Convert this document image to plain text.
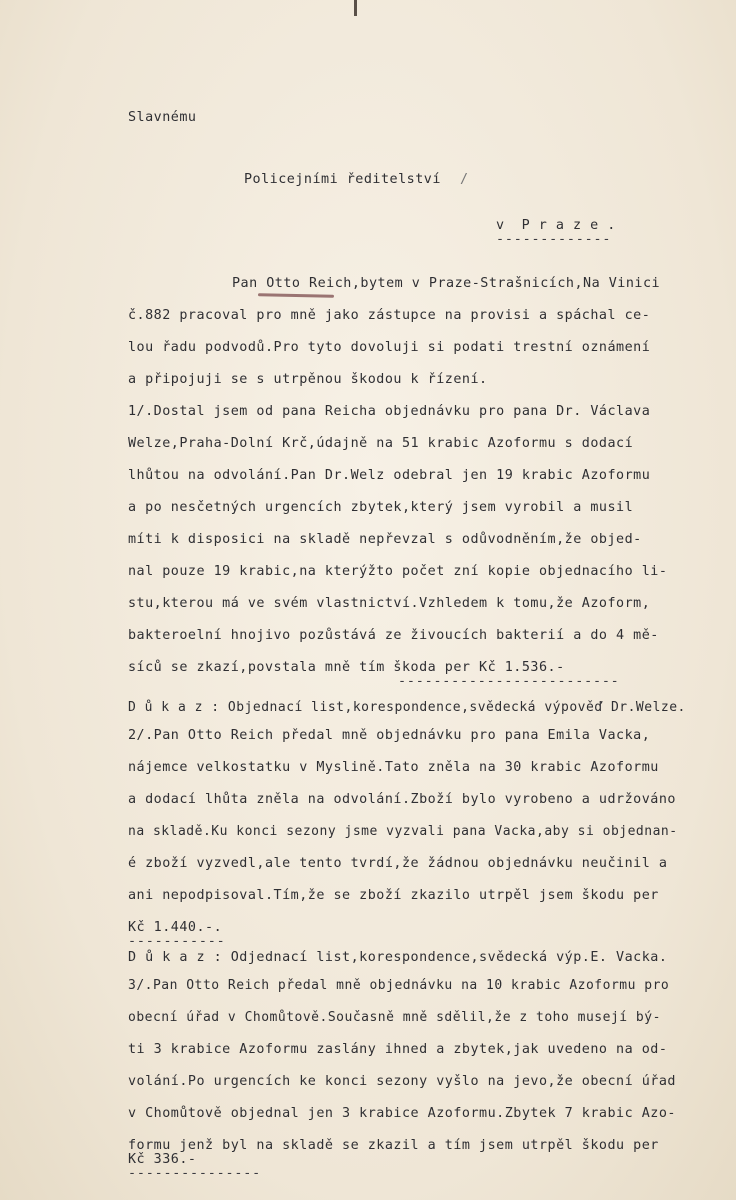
Slavnému
Policejními ředitelství /
v  P r a z e .
-------------
Pan Otto Reich,bytem v Praze-Strašnicích,Na Vinici
č.882 pracoval pro mně jako zástupce na provisi a spáchal ce-
lou řadu podvodů.Pro tyto dovoluji si podati trestní oznámení
a připojuji se s utrpěnou škodou k řízení.
1/.Dostal jsem od pana Reicha objednávku pro pana Dr. Václava
Welze,Praha-Dolní Krč,údajně na 51 krabic Azoformu s dodací
lhůtou na odvolání.Pan Dr.Welz odebral jen 19 krabic Azoformu
a po nesčetných urgencích zbytek,který jsem vyrobil a musil
míti k disposici na skladě nepřevzal s odůvodněním,že objed-
nal pouze 19 krabic,na kterýžto počet zní kopie objednacího li-
stu,kterou má ve svém vlastnictví.Vzhledem k tomu,že Azoform,
bakteroelní hnojivo pozůstává ze živoucích bakterií a do 4 mě-
síců se zkazí,povstala mně tím škoda per Kč 1.536.-
-------------------------
D ů k a z : Objednací list,korespondence,svědecká výpověď Dr.Welze.
2/.Pan Otto Reich předal mně objednávku pro pana Emila Vacka,
nájemce velkostatku v Myslině.Tato zněla na 30 krabic Azoformu
a dodací lhůta zněla na odvolání.Zboží bylo vyrobeno a udržováno
na skladě.Ku konci sezony jsme vyzvali pana Vacka,aby si objednan-
é zboží vyzvedl,ale tento tvrdí,že žádnou objednávku neučinil a
ani nepodpisoval.Tím,že se zboží zkazilo utrpěl jsem škodu per
Kč 1.440.-.
-----------
D ů k a z : Odjednací list,korespondence,svědecká výp.E. Vacka.
3/.Pan Otto Reich předal mně objednávku na 10 krabic Azoformu pro
obecní úřad v Chomůtově.Současně mně sdělil,že z toho musejí bý-
ti 3 krabice Azoformu zaslány ihned a zbytek,jak uvedeno na od-
volání.Po urgencích ke konci sezony vyšlo na jevo,že obecní úřad
v Chomůtově objednal jen 3 krabice Azoformu.Zbytek 7 krabic Azo-
formu jenž byl na skladě se zkazil a tím jsem utrpěl škodu per
Kč 336.-
---------------
